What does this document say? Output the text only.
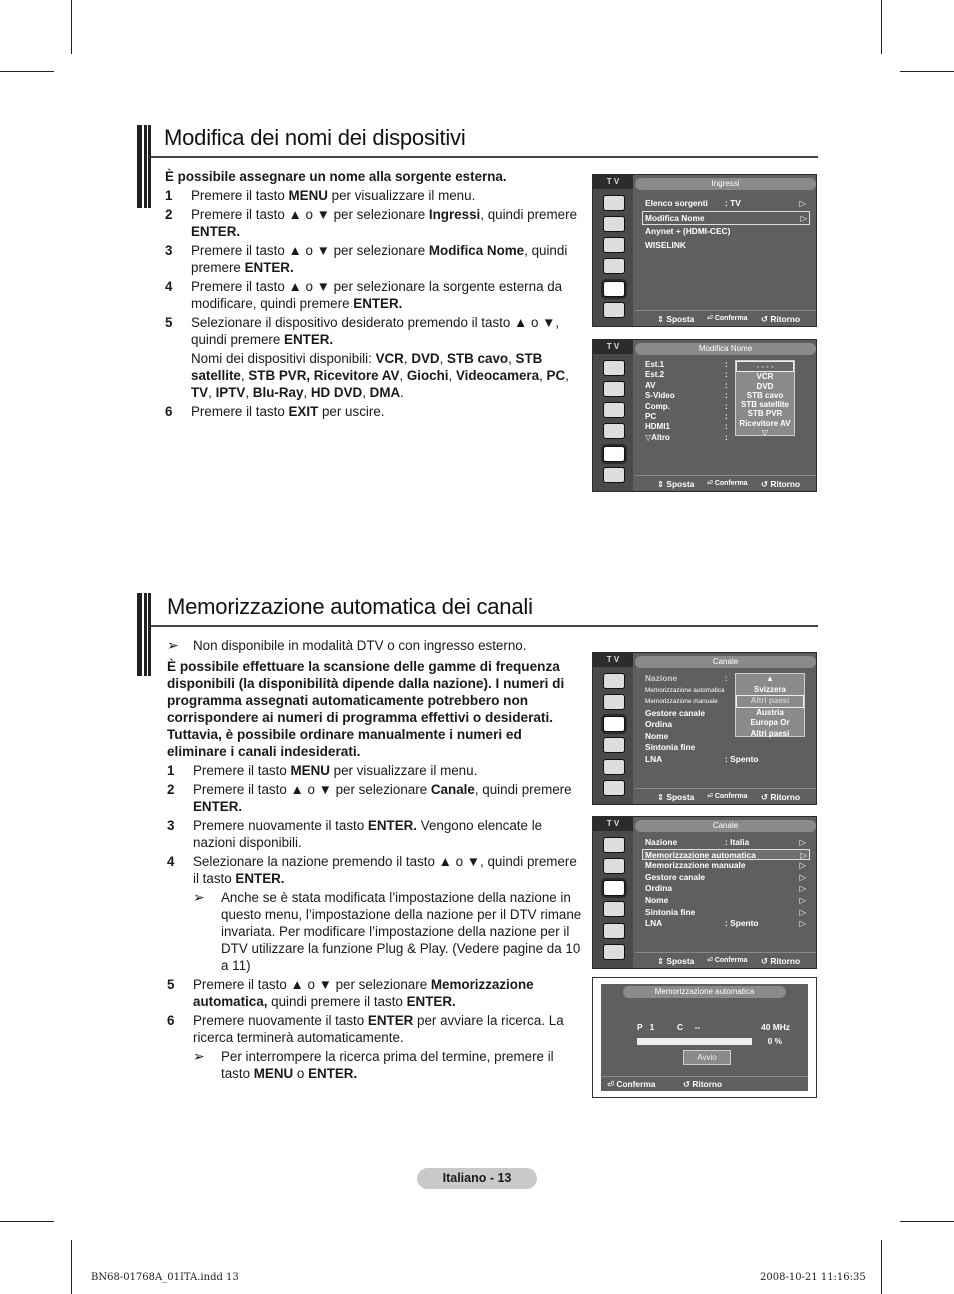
Modifica dei nomi dei dispositivi

È possibile assegnare un nome alla sorgente esterna.

1 Premere il tasto MENU per visualizzare il menu.
2 Premere il tasto ▲ o ▼ per selezionare Ingressi, quindi premere ENTER.
3 Premere il tasto ▲ o ▼ per selezionare Modifica Nome, quindi premere ENTER.
4 Premere il tasto ▲ o ▼ per selezionare la sorgente esterna da modificare, quindi premere ENTER.
5 Selezionare il dispositivo desiderato premendo il tasto ▲ o ▼, quindi premere ENTER.
Nomi dei dispositivi disponibili: VCR, DVD, STB cavo, STB satellite, STB PVR, Ricevitore AV, Giochi, Videocamera, PC, TV, IPTV, Blu-Ray, HD DVD, DMA.
6 Premere il tasto EXIT per uscire.
Memorizzazione automatica dei canali
➢ Non disponibile in modalità DTV o con ingresso esterno.

È possibile effettuare la scansione delle gamme di frequenza disponibili (la disponibilità dipende dalla nazione). I numeri di programma assegnati automaticamente potrebbero non corrispondere ai numeri di programma effettivi o desiderati. Tuttavia, è possibile ordinare manualmente i numeri ed eliminare i canali indesiderati.

1 Premere il tasto MENU per visualizzare il menu.
2 Premere il tasto ▲ o ▼ per selezionare Canale, quindi premere ENTER.
3 Premere nuovamente il tasto ENTER. Vengono elencate le nazioni disponibili.
4 Selezionare la nazione premendo il tasto ▲ o ▼, quindi premere il tasto ENTER.
➢	Anche se è stata modificata l’impostazione della nazione in questo menu, l’impostazione della nazione per il DTV rimane invariata. Per modificare l’impostazione della nazione per il DTV utilizzare la funzione Plug & Play. (Vedere pagine da 10 a 11)
5 Premere il tasto ▲ o ▼ per selezionare Memorizzazione automatica, quindi premere il tasto ENTER.
6 Premere nuovamente il tasto ENTER per avviare la ricerca. La ricerca terminerà automaticamente.
➢	Per interrompere la ricerca prima del termine, premere il tasto MENU o ENTER.
T V	Ingressi
Elenco sorgenti : TV	▷
Modifica Nome	▷
Anynet + (HDMI-CEC)
WISELINK
⇕ Sposta ⏎ Conferma ↺ Ritorno
T V	Modifica Nome
Est.1	:
Est.2	:
AV	:
S-Video	:
Comp.	:
PC	:
HDMI1	:
▽Altro	:
- - - -
VCR
DVD
STB cavo
STB satellite
STB PVR
Ricevitore AV
▽
⇕ Sposta ⏎ Conferma ↺ Ritorno
T V	Canale
Nazione	:
Memorizzazione automatica
Memorizzazione manuale
Gestore canale
Ordina
Nome
Sintonia fine
LNA	: Spento
▲
Svizzera
Altri paesi
Austria
Europa Or
Altri paesi
⇕ Sposta ⏎ Conferma ↺ Ritorno
T V	Canale
Nazione	: Italia	▷
Memorizzazione automatica	▷
Memorizzazione manuale	▷
Gestore canale	▷
Ordina	▷
Nome	▷
Sintonia fine	▷
LNA	: Spento	▷
⇕ Sposta ⏎ Conferma ↺ Ritorno
Memorizzazione automatica
P 1	C --	40 MHz
0 %
Avvio
⏎ Conferma	↺ Ritorno
Italiano - 13
BN68-01768A_01ITA.indd 13	2008-10-21 11:16:35
